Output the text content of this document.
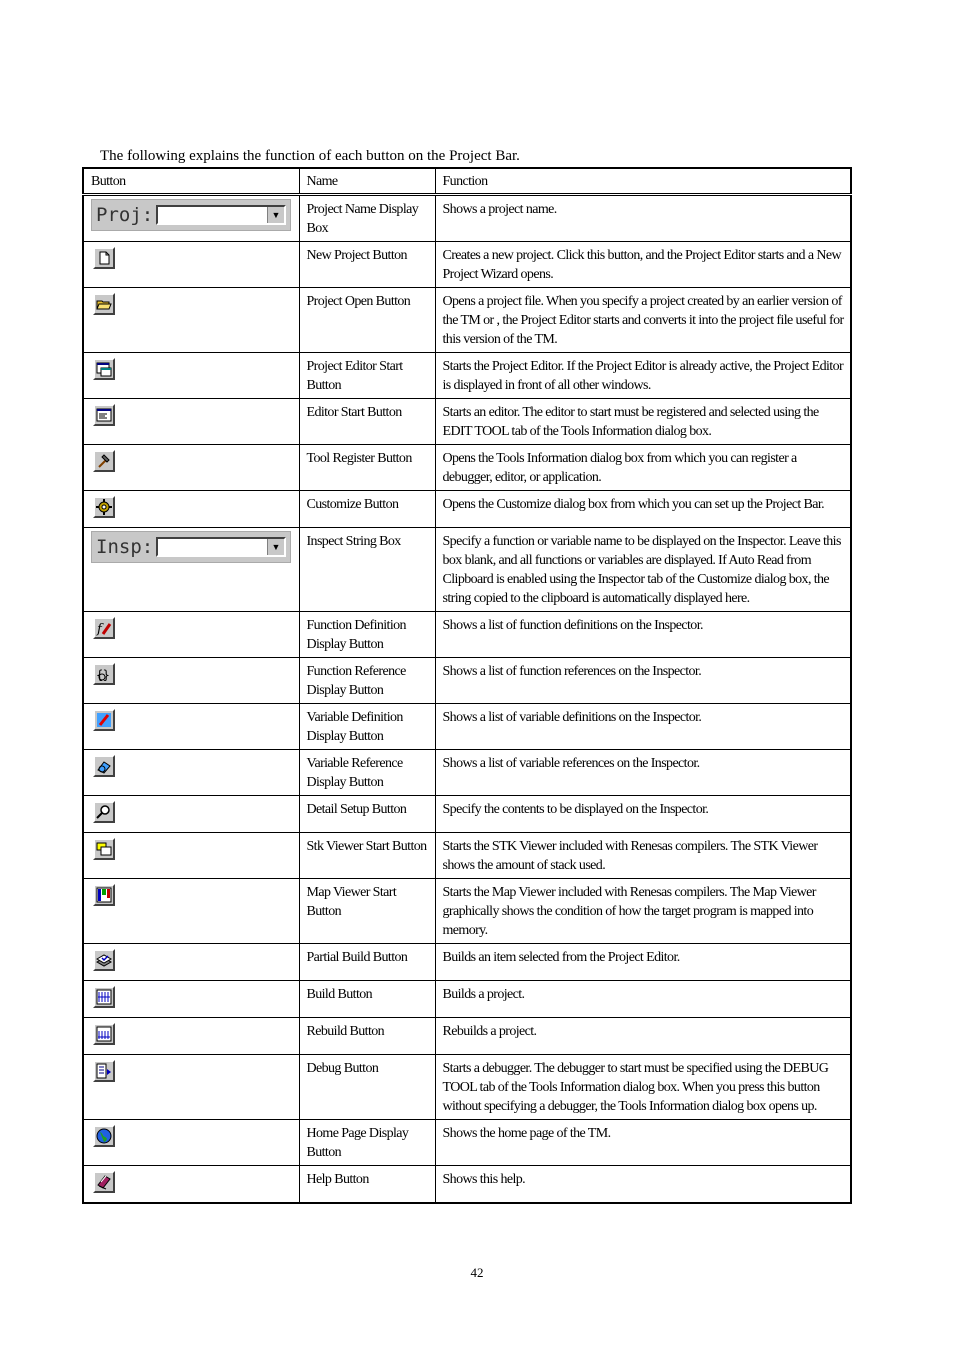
The following explains the function of each button on the Project Bar.
Button	Name	Function

Proj: ▼	Project Name Display Box	Shows a project name.

	New Project Button	Creates a new project. Click this button, and the Project Editor starts and a New Project Wizard opens.

	Project Open Button	Opens a project file. When you specify a project created by an earlier version of the TM or , the Project Editor starts and converts it into the project file useful for this version of the TM.

	Project Editor Start Button	Starts the Project Editor. If the Project Editor is already active, the Project Editor is displayed in front of all other windows.

	Editor Start Button	Starts an editor. The editor to start must be registered and selected using the EDIT TOOL tab of the Tools Information dialog box.

	Tool Register Button	Opens the Tools Information dialog box from which you can register a debugger, editor, or application.

	Customize Button	Opens the Customize dialog box from which you can set up the Project Bar.

Insp: ▼	Inspect String Box	Specify a function or variable name to be displayed on the Inspector. Leave this box blank, and all functions or variables are displayed. If Auto Read from Clipboard is enabled using the Inspector tab of the Customize dialog box, the string copied to the clipboard is automatically displayed here.

f	Function Definition Display Button	Shows a list of function definitions on the Inspector.

{}	Function Reference Display Button	Shows a list of function references on the Inspector.

	Variable Definition Display Button	Shows a list of variable definitions on the Inspector.

	Variable Reference Display Button	Shows a list of variable references on the Inspector.

	Detail Setup Button	Specify the contents to be displayed on the Inspector.

	Stk Viewer Start Button	Starts the STK Viewer included with Renesas compilers. The STK Viewer shows the amount of stack used.

	Map Viewer Start Button	Starts the Map Viewer included with Renesas compilers. The Map Viewer graphically shows the condition of how the target program is mapped into memory.

	Partial Build Button	Builds an item selected from the Project Editor.

	Build Button	Builds a project.

	Rebuild Button	Rebuilds a project.

	Debug Button	Starts a debugger. The debugger to start must be specified using the DEBUG TOOL tab of the Tools Information dialog box. When you press this button without specifying a debugger, the Tools Information dialog box opens up.

	Home Page Display Button	Shows the home page of the TM.

	Help Button	Shows this help.
42
